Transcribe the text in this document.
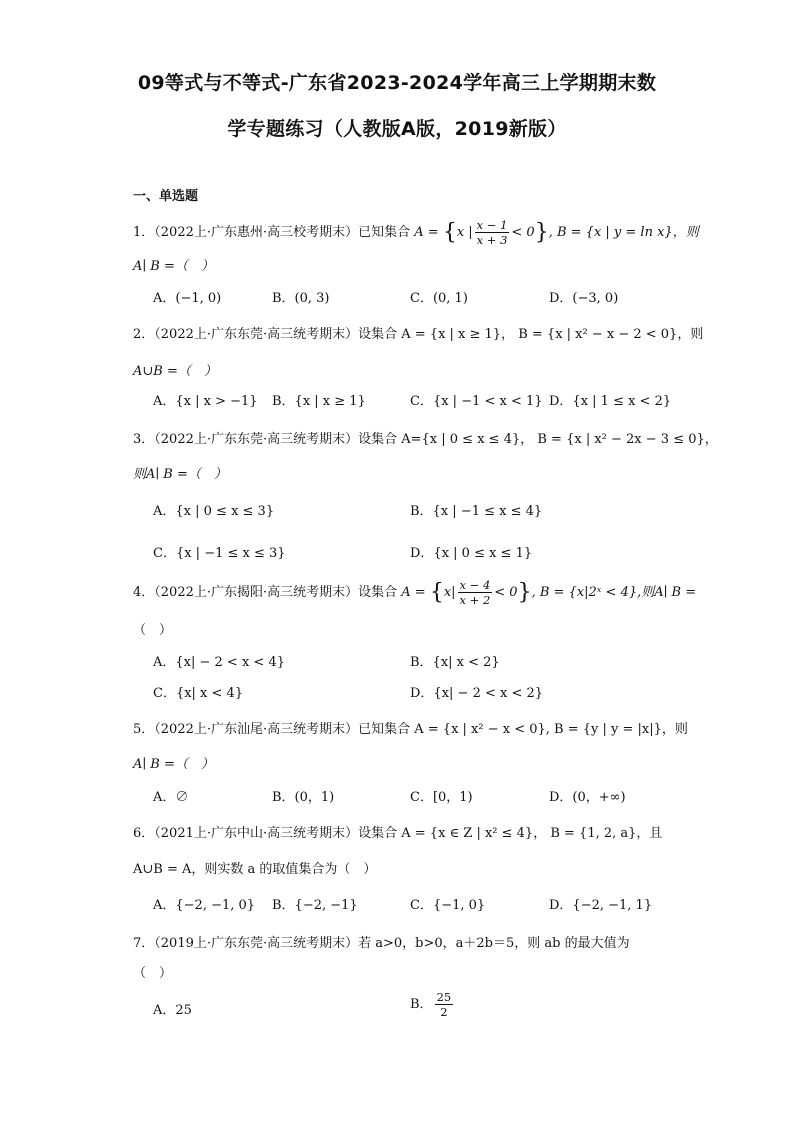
09等式与不等式-广东省2023-2024学年高三上学期期末数
学专题练习（人教版A版，2019新版）
一、单选题
1．（2022上·广东惠州·高三校考期末）已知集合 A = {x | $\frac{x - 1}{x + 3} < 0$}, B = {x | y = ln x}，则
A∣ B =（　）
A．(−1, 0)	B．(0, 3)	C．(0, 1)	D．(−3, 0)
2．（2022上·广东东莞·高三统考期末）设集合 A = {x | x ≥ 1}， B = {x | x² − x − 2 < 0}，则
A∪B =（　）
A．{x | x > −1} B．{x | x ≥ 1}	C．{x | −1 < x < 1} D．{x | 1 ≤ x < 2}
3．（2022上·广东东莞·高三统考期末）设集合 A={x | 0 ≤ x ≤ 4}， B = {x | x² − 2x − 3 ≤ 0}，
则A∣ B =（　）
A．{x | 0 ≤ x ≤ 3}	B．{x | −1 ≤ x ≤ 4}
C．{x | −1 ≤ x ≤ 3}	D．{x | 0 ≤ x ≤ 1}
4．（2022上·广东揭阳·高三统考期末）设集合 $A = \{x| \frac{x - 4}{x + 2} < 0\}$, B = {x|2ˣ < 4},则A∣ B =
（　）
A．{x| − 2 < x < 4}	B．{x| x < 2}
C．{x| x < 4}	D．{x| − 2 < x < 2}
5．（2022上·广东汕尾·高三统考期末）已知集合 A = {x | x² − x < 0}, B = {y | y = |x|}，则
A∣ B =（　）
A．∅	B．(0，1)	C．[0，1)	D．(0，+∞)
6．（2021上·广东中山·高三统考期末）设集合 A = {x ∈ Z | x² ≤ 4}， B = {1, 2, a}，且
A∪B = A，则实数 a 的取值集合为（　）
A．{−2, −1, 0} B．{−2, −1}	C．{−1, 0}	D．{−2, −1, 1}
7．（2019上·广东东莞·高三统考期末）若 a>0，b>0，a＋2b＝5，则 ab 的最大值为
（　）
A．25	B． $\frac{25}{2}$
